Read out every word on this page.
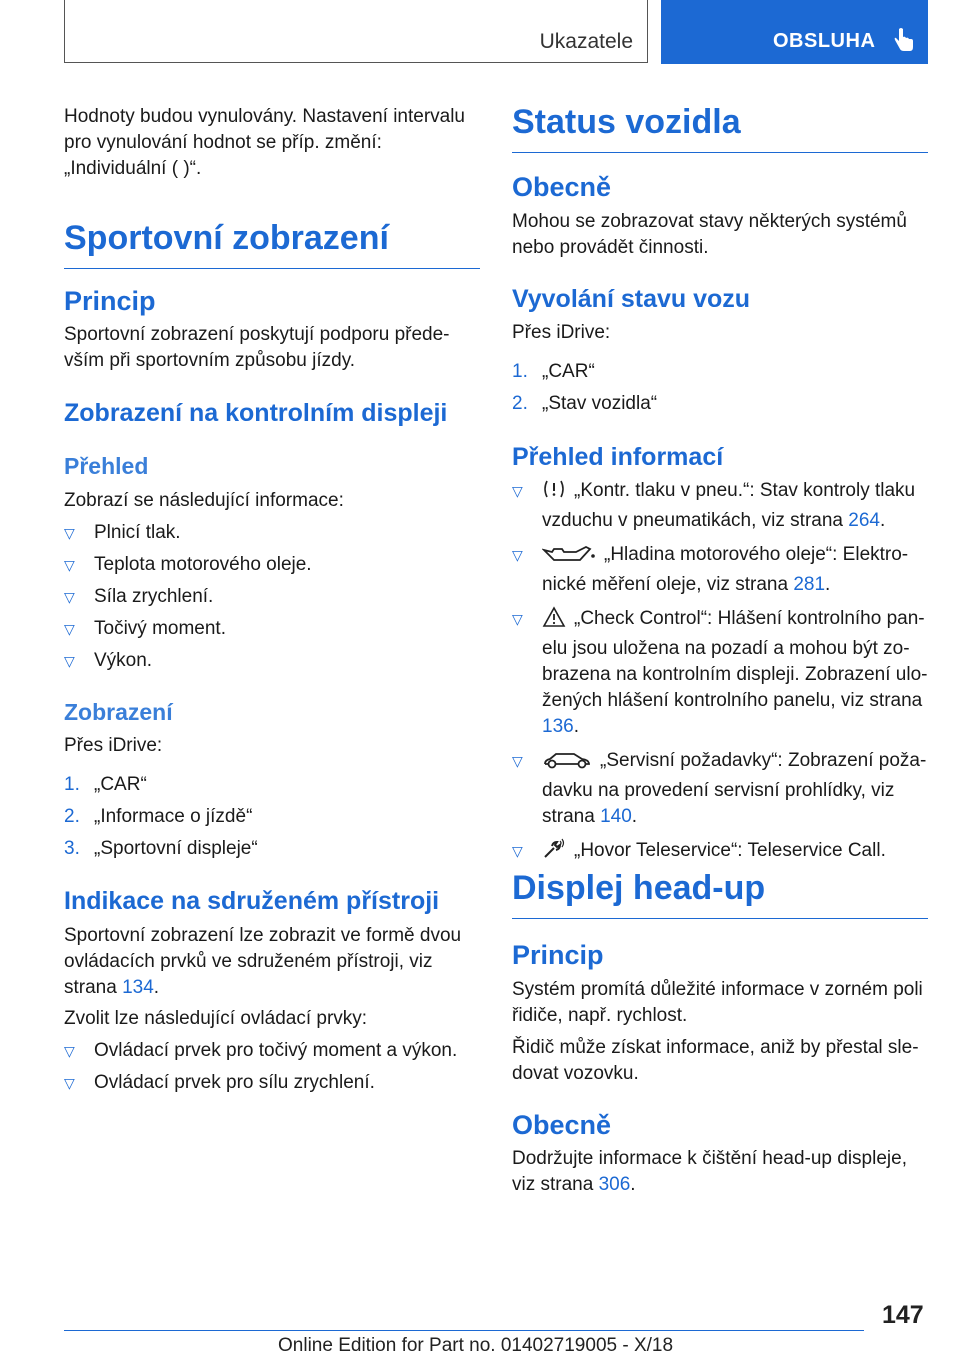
Ukazatele	OBSLUHA

Hodnoty budou vynulovány. Nastavení intervalu pro vynulování hodnot se příp. změní: „Individuální ( )“.

Sportovní zobrazení
Princip

Sportovní zobrazení poskytují podporu přede-vším při sportovním způsobu jízdy.

Zobrazení na kontrolním displeji
Přehled

Zobrazí se následující informace:

▽ Plnicí tlak.
▽ Teplota motorového oleje.
▽ Síla zrychlení.
▽ Točivý moment.
▽ Výkon.
Zobrazení

Přes iDrive:

1. „CAR“
2. „Informace o jízdě“
3. „Sportovní displeje“
Indikace na sdruženém přístroji

Sportovní zobrazení lze zobrazit ve formě dvou ovládacích prvků ve sdruženém přístroji, viz strana 134.

Zvolit lze následující ovládací prvky:

▽ Ovládací prvek pro točivý moment a výkon.
▽ Ovládací prvek pro sílu zrychlení.
Status vozidla
Obecně

Mohou se zobrazovat stavy některých systémů nebo provádět činnosti.

Vyvolání stavu vozu

Přes iDrive:

1. „CAR“
2. „Stav vozidla“
Přehled informací
▽	„Kontr. tlaku v pneu.“: Stav kontroly tlaku vzduchu v pneumatikách, viz strana 264.
▽	„Hladina motorového oleje“: Elektro-nické měření oleje, viz strana 281.
▽	„Check Control“: Hlášení kontrolního pan-elu jsou uložena na pozadí a mohou být zo-brazena na kontrolním displeji. Zobrazení ulo-žených hlášení kontrolního panelu, viz strana 136.
▽	„Servisní požadavky“: Zobrazení poža-davku na provedení servisní prohlídky, viz strana 140.
▽	„Hovor Teleservice“: Teleservice Call.
Displej head-up
Princip

Systém promítá důležité informace v zorném poli řidiče, např. rychlost.

Řidič může získat informace, aniž by přestal sle-dovat vozovku.

Obecně

Dodržujte informace k čištění head-up displeje, viz strana 306.

147
Online Edition for Part no. 01402719005 - X/18
